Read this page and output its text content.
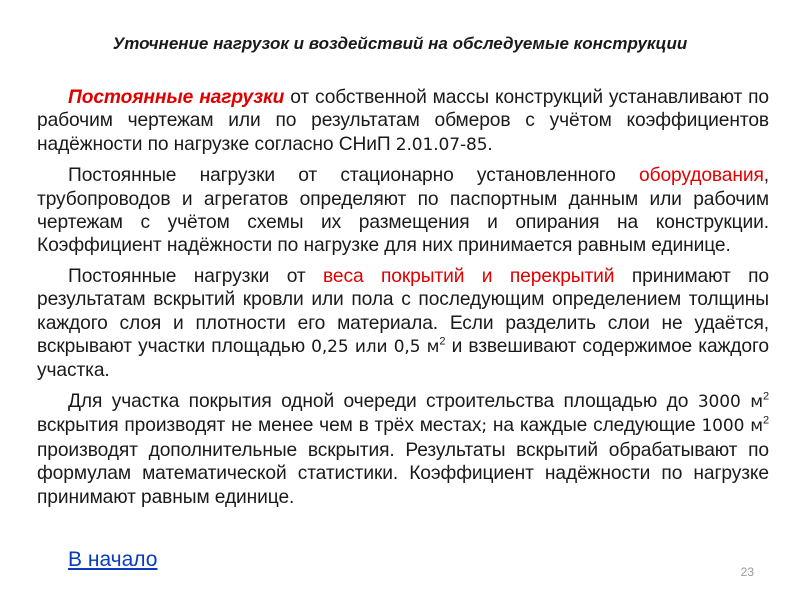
Уточнение нагрузок и воздействий на обследуемые конструкции

Постоянные нагрузки от собственной массы конструкций устанавливают по рабочим чертежам или по результатам обмеров с учётом коэффициентов надёжности по нагрузке согласно СНиП 2.01.07-85.

Постоянные нагрузки от стационарно установленного оборудования, трубопроводов и агрегатов определяют по паспортным данным или рабочим чертежам с учётом схемы их размещения и опирания на конструкции. Коэффициент надёжности по нагрузке для них принимается равным единице.

Постоянные нагрузки от веса покрытий и перекрытий принимают по результатам вскрытий кровли или пола с последующим определением толщины каждого слоя и плотности его материала. Если разделить слои не удаётся, вскрывают участки площадью 0,25 или 0,5 $м^2$ и взвешивают содержимое каждого участка.

Для участка покрытия одной очереди строительства площадью до 3000 $м^2$ вскрытия производят не менее чем в трёх местах; на каждые следующие 1000 $м^2$ производят дополнительные вскрытия. Результаты вскрытий обрабатывают по формулам математической статистики. Коэффициент надёжности по нагрузке принимают равным единице.

В начало
23
